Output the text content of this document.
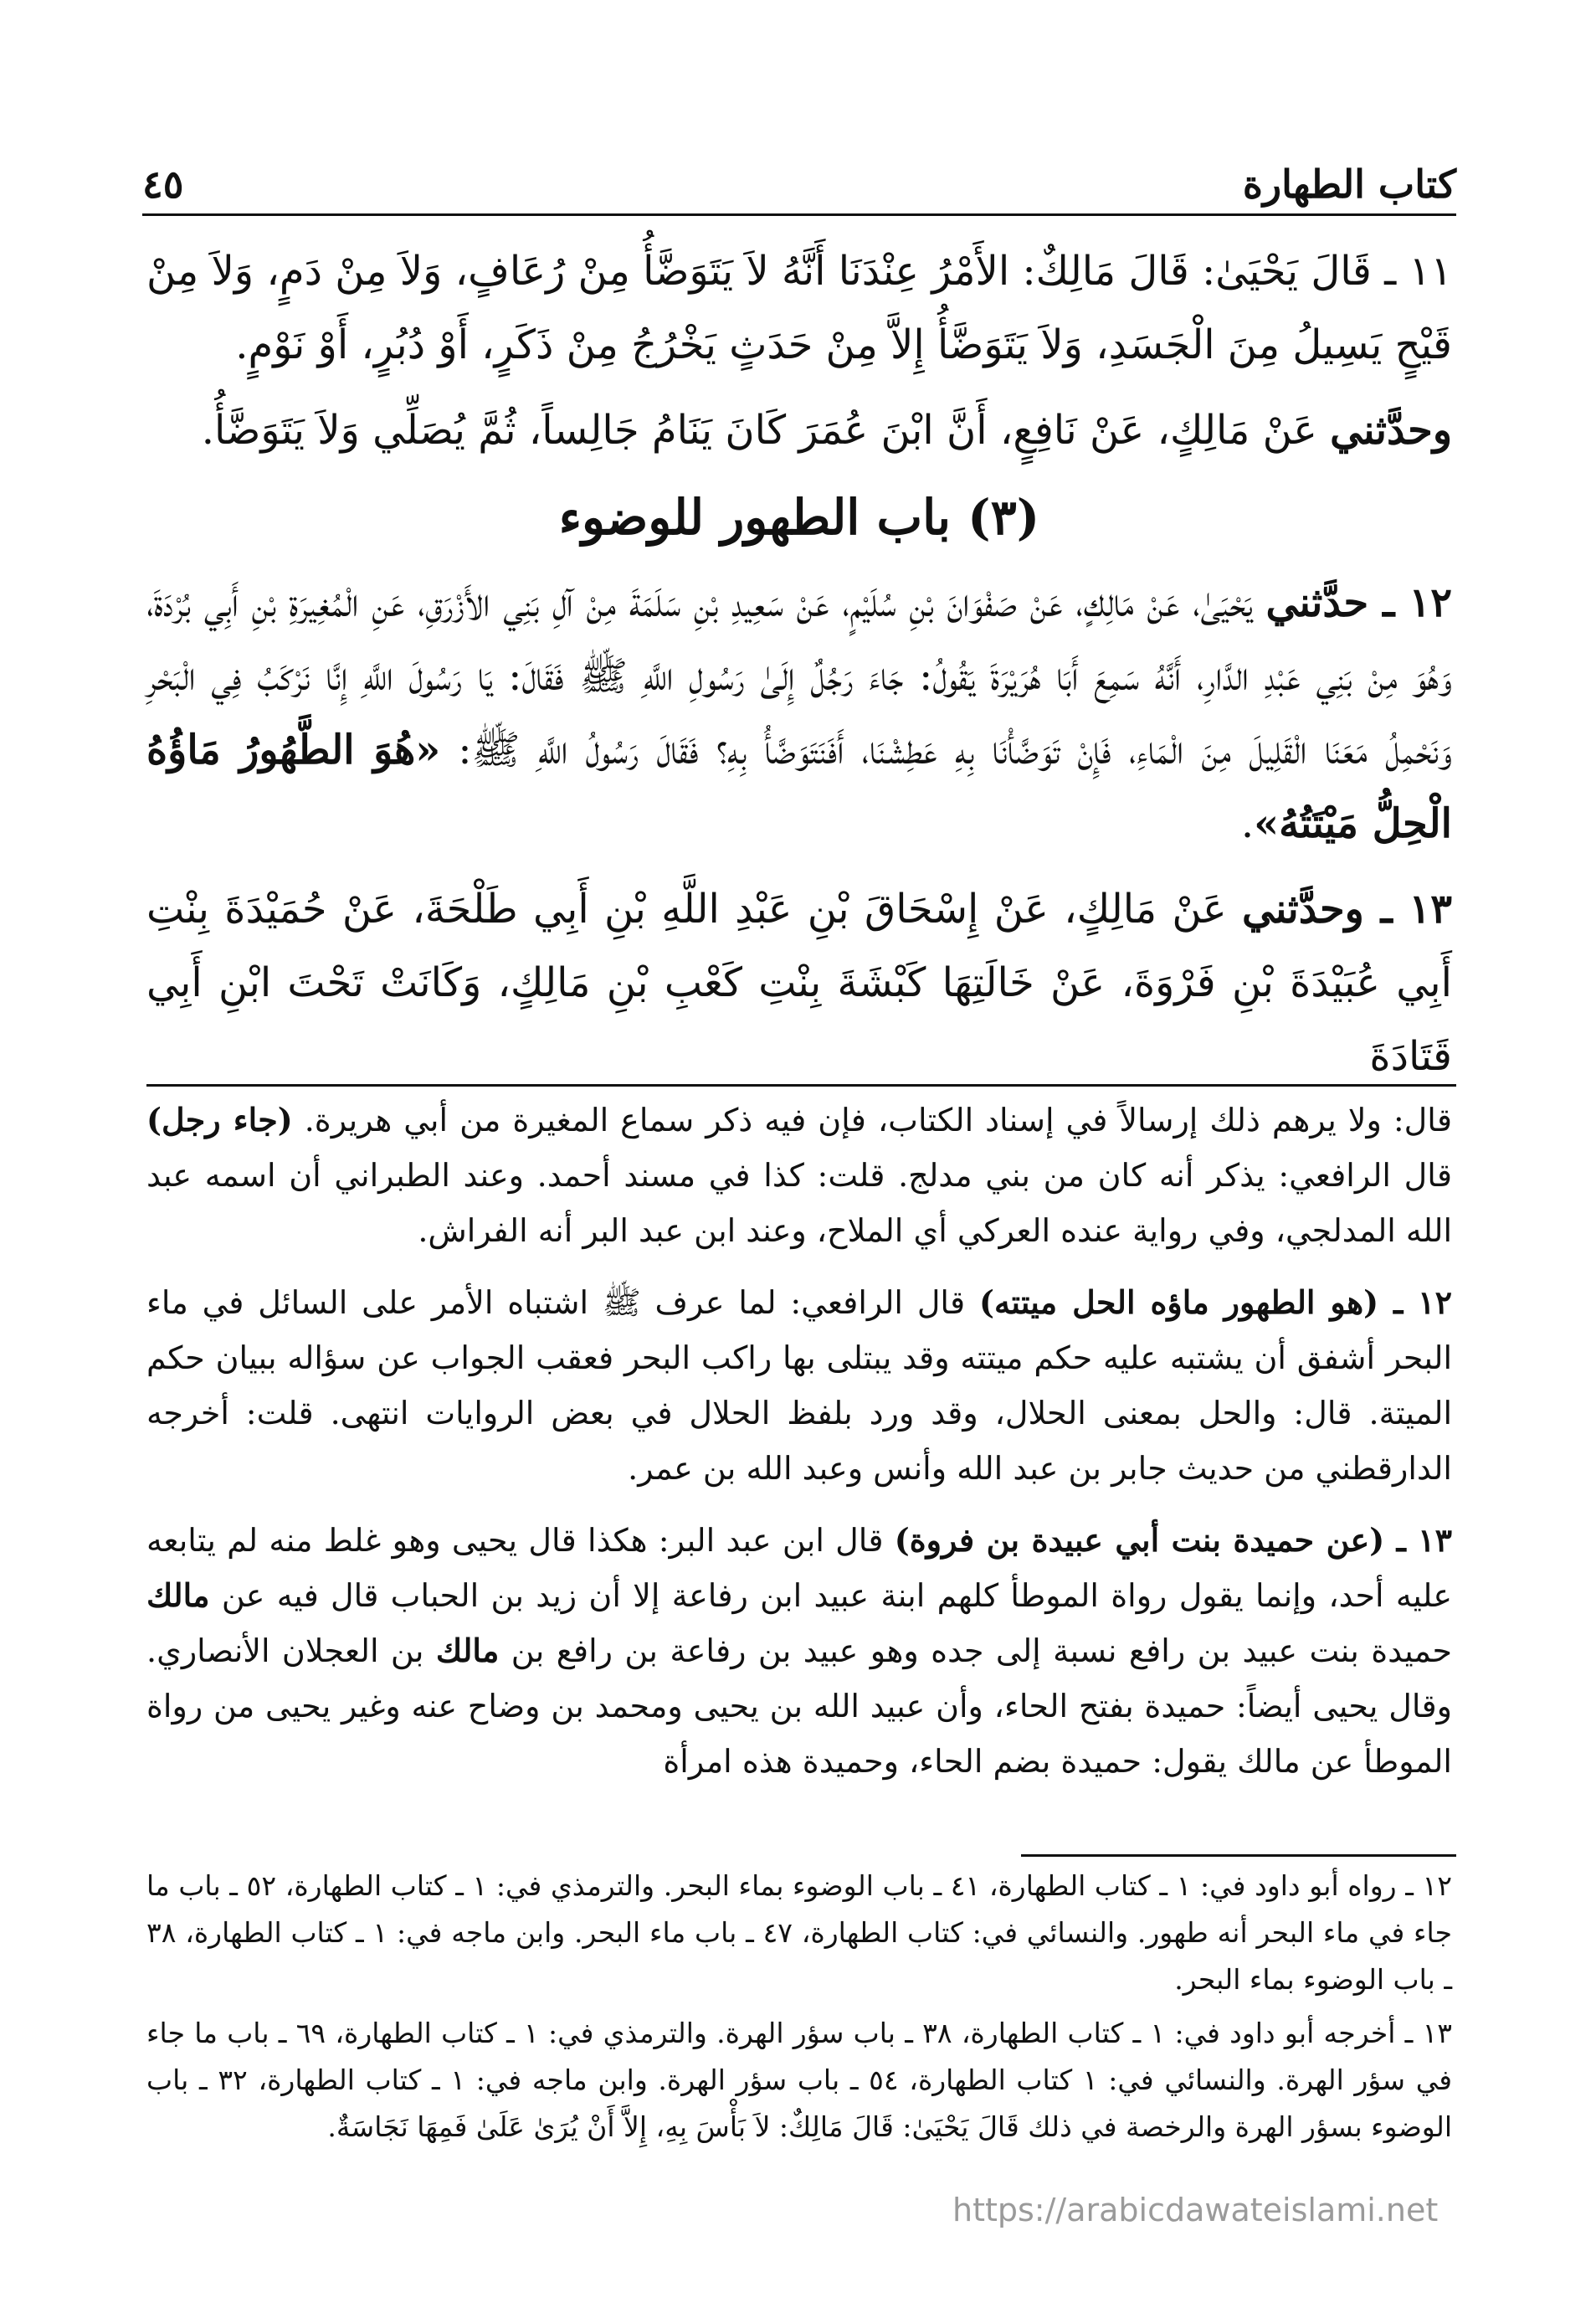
كتاب الطهارة
٤٥

١١ ـ قَالَ يَحْيَىٰ: قَالَ مَالِكٌ: الأَمْرُ عِنْدَنَا أَنَّهُ لاَ يَتَوَضَّأُ مِنْ رُعَافٍ، وَلاَ مِنْ دَمٍ، وَلاَ مِنْ قَيْحٍ يَسِيلُ مِنَ الْجَسَدِ، وَلاَ يَتَوَضَّأُ إِلاَّ مِنْ حَدَثٍ يَخْرُجُ مِنْ ذَكَرٍ، أَوْ دُبُرٍ، أَوْ نَوْمٍ.

وحدَّثني عَنْ مَالِكٍ، عَنْ نَافِعٍ، أَنَّ ابْنَ عُمَرَ كَانَ يَنَامُ جَالِساً، ثُمَّ يُصَلِّي وَلاَ يَتَوَضَّأُ.

(٣) باب الطهور للوضوء

١٢ ـ حدَّثني يَحْيَىٰ، عَنْ مَالِكٍ، عَنْ صَفْوَانَ بْنِ سُلَيْمٍ، عَنْ سَعِيدِ بْنِ سَلَمَةَ مِنْ آلِ بَنِي الأَزْرَقِ، عَنِ الْمُغِيرَةِ بْنِ أَبِي بُرْدَةَ، وَهُوَ مِنْ بَنِي عَبْدِ الدَّارِ، أَنَّهُ سَمِعَ أَبَا هُرَيْرَةَ يَقُولُ: جَاءَ رَجُلٌ إِلَىٰ رَسُولِ اللَّهِ ﷺ فَقَالَ: يَا رَسُولَ اللَّهِ إِنَّا نَرْكَبُ فِي الْبَحْرِ وَنَحْمِلُ مَعَنَا الْقَلِيلَ مِنَ الْمَاءِ، فَإِنْ تَوَضَّأْنَا بِهِ عَطِشْنَا، أَفَنَتَوَضَّأُ بِهِ؟ فَقَالَ رَسُولُ اللَّهِ ﷺ: «هُوَ الطَّهُورُ مَاؤُهُ الْحِلُّ مَيْتَتُهُ».

١٣ ـ وحدَّثني عَنْ مَالِكٍ، عَنْ إِسْحَاقَ بْنِ عَبْدِ اللَّهِ بْنِ أَبِي طَلْحَةَ، عَنْ حُمَيْدَةَ بِنْتِ أَبِي عُبَيْدَةَ بْنِ فَرْوَةَ، عَنْ خَالَتِهَا كَبْشَةَ بِنْتِ كَعْبِ بْنِ مَالِكٍ، وَكَانَتْ تَحْتَ ابْنِ أَبِي قَتَادَةَ

قال: ولا يرهم ذلك إرسالاً في إسناد الكتاب، فإن فيه ذكر سماع المغيرة من أبي هريرة. (جاء رجل) قال الرافعي: يذكر أنه كان من بني مدلج. قلت: كذا في مسند أحمد. وعند الطبراني أن اسمه عبد الله المدلجي، وفي رواية عنده العركي أي الملاح، وعند ابن عبد البر أنه الفراش.

١٢ ـ (هو الطهور ماؤه الحل ميتته) قال الرافعي: لما عرف ﷺ اشتباه الأمر على السائل في ماء البحر أشفق أن يشتبه عليه حكم ميتته وقد يبتلى بها راكب البحر فعقب الجواب عن سؤاله ببيان حكم الميتة. قال: والحل بمعنى الحلال، وقد ورد بلفظ الحلال في بعض الروايات انتهى. قلت: أخرجه الدارقطني من حديث جابر بن عبد الله وأنس وعبد الله بن عمر.

١٣ ـ (عن حميدة بنت أبي عبيدة بن فروة) قال ابن عبد البر: هكذا قال يحيى وهو غلط منه لم يتابعه عليه أحد، وإنما يقول رواة الموطأ كلهم ابنة عبيد ابن رفاعة إلا أن زيد بن الحباب قال فيه عن مالك حميدة بنت عبيد بن رافع نسبة إلى جده وهو عبيد بن رفاعة بن رافع بن مالك بن العجلان الأنصاري. وقال يحيى أيضاً: حميدة بفتح الحاء، وأن عبيد الله بن يحيى ومحمد بن وضاح عنه وغير يحيى من رواة الموطأ عن مالك يقول: حميدة بضم الحاء، وحميدة هذه امرأة

١٢ ـ رواه أبو داود في: ١ ـ كتاب الطهارة، ٤١ ـ باب الوضوء بماء البحر. والترمذي في: ١ ـ كتاب الطهارة، ٥٢ ـ باب ما جاء في ماء البحر أنه طهور. والنسائي في: كتاب الطهارة، ٤٧ ـ باب ماء البحر. وابن ماجه في: ١ ـ كتاب الطهارة، ٣٨ ـ باب الوضوء بماء البحر.

١٣ ـ أخرجه أبو داود في: ١ ـ كتاب الطهارة، ٣٨ ـ باب سؤر الهرة. والترمذي في: ١ ـ كتاب الطهارة، ٦٩ ـ باب ما جاء في سؤر الهرة. والنسائي في: ١ كتاب الطهارة، ٥٤ ـ باب سؤر الهرة. وابن ماجه في: ١ ـ كتاب الطهارة، ٣٢ ـ باب الوضوء بسؤر الهرة والرخصة في ذلك قَالَ يَحْيَىٰ: قَالَ مَالِكٌ: لاَ بَأْسَ بِهِ، إِلاَّ أَنْ يُرَىٰ عَلَىٰ فَمِهَا نَجَاسَةٌ.

https://arabicdawateislami.net
